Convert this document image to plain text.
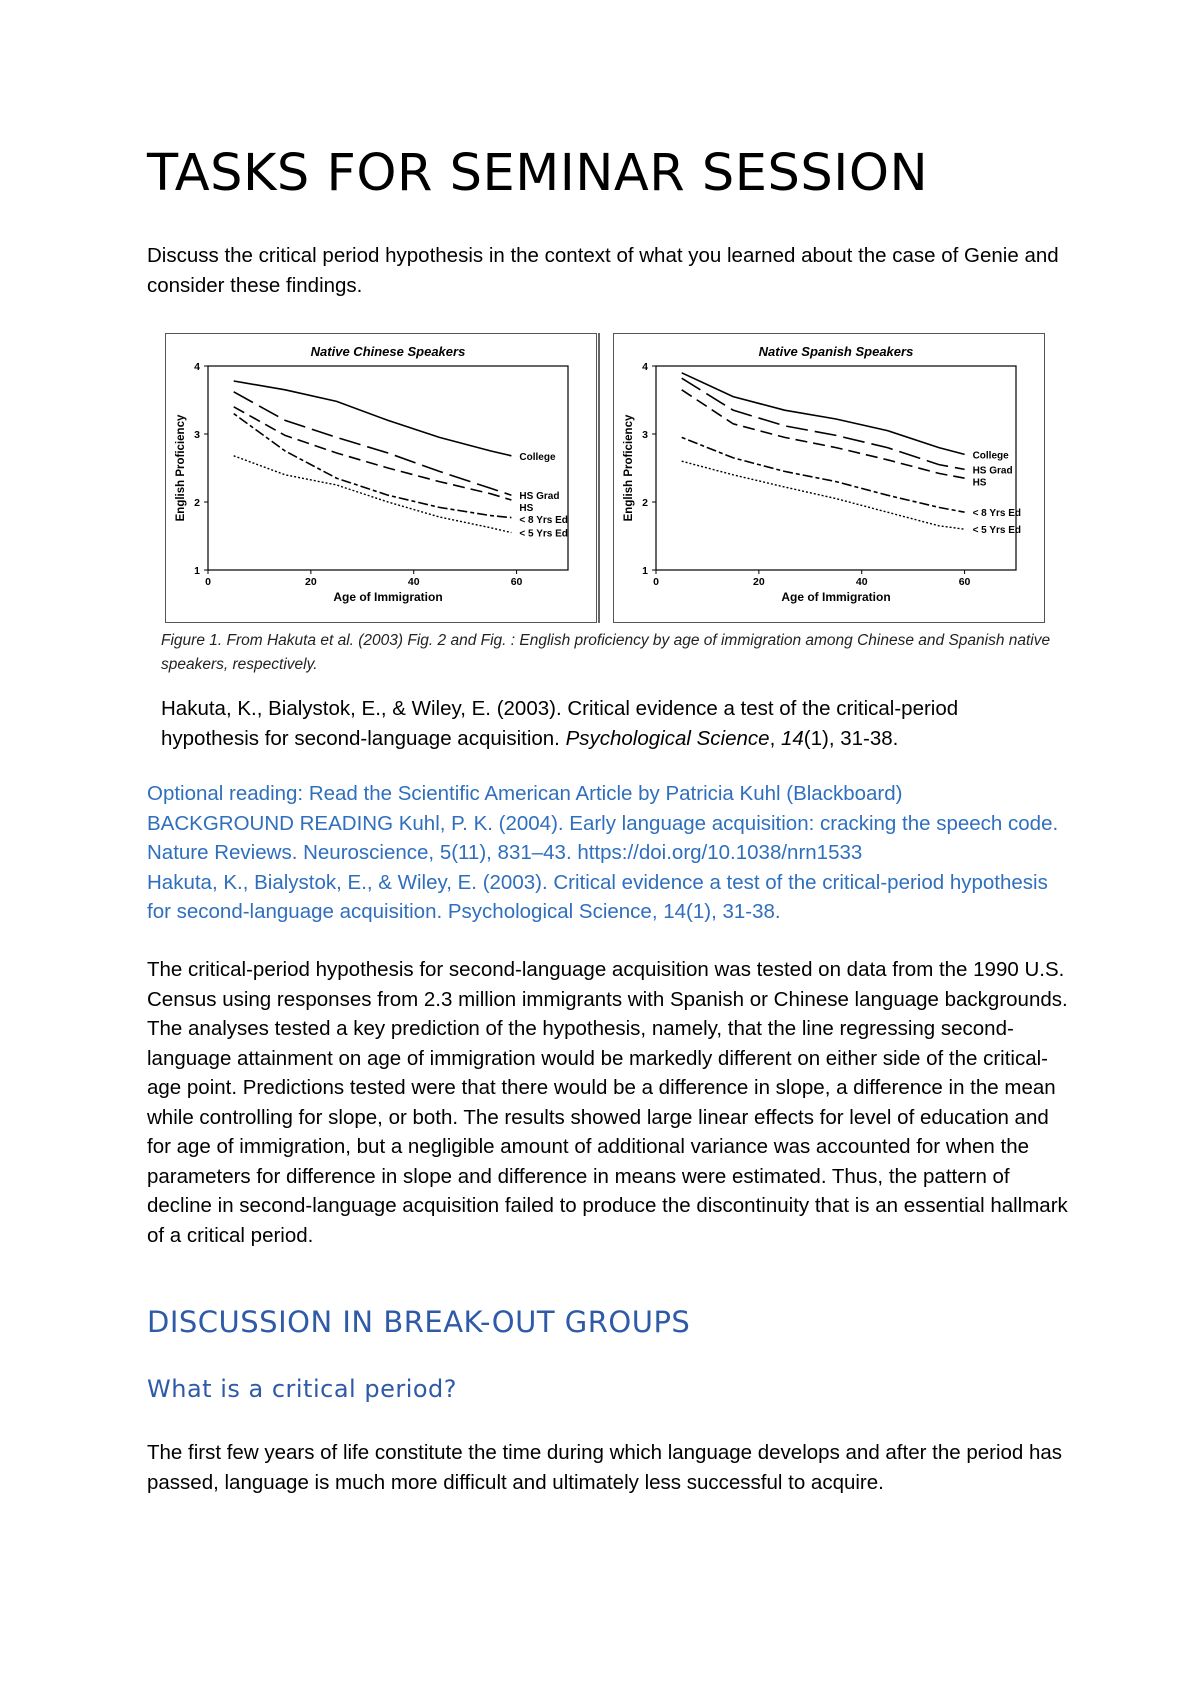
TASKS FOR SEMINAR SESSION

Discuss the critical period hypothesis in the context of what you learned about the case of Genie and consider these findings.

Native Chinese Speakers
0	20	40	60
1
2
3
4
Age of Immigration
English Proficiency	College
HS Grad
HS
< 8 Yrs Ed
< 5 Yrs Ed
Native Spanish Speakers
0	20	40	60
1
2
3
4
Age of Immigration
English Proficiency	College
HS Grad
HS
< 8 Yrs Ed
< 5 Yrs Ed

Figure 1. From Hakuta et al. (2003) Fig. 2 and Fig. : English proficiency by age of immigration among Chinese and Spanish native speakers, respectively.

Hakuta, K., Bialystok, E., & Wiley, E. (2003). Critical evidence a test of the critical-period hypothesis for second-language acquisition. Psychological Science, 14(1), 31-38.

Optional reading: Read the Scientific American Article by Patricia Kuhl (Blackboard)
BACKGROUND READING Kuhl, P. K. (2004). Early language acquisition: cracking the speech code. Nature Reviews. Neuroscience, 5(11), 831–43. https://doi.org/10.1038/nrn1533
Hakuta, K., Bialystok, E., & Wiley, E. (2003). Critical evidence a test of the critical-period hypothesis for second-language acquisition. Psychological Science, 14(1), 31-38.

The critical-period hypothesis for second-language acquisition was tested on data from the 1990 U.S. Census using responses from 2.3 million immigrants with Spanish or Chinese language backgrounds. The analyses tested a key prediction of the hypothesis, namely, that the line regressing second-language attainment on age of immigration would be markedly different on either side of the critical-age point. Predictions tested were that there would be a difference in slope, a difference in the mean while controlling for slope, or both. The results showed large linear effects for level of education and for age of immigration, but a negligible amount of additional variance was accounted for when the parameters for difference in slope and difference in means were estimated. Thus, the pattern of decline in second-language acquisition failed to produce the discontinuity that is an essential hallmark of a critical period.

DISCUSSION IN BREAK-OUT GROUPS
What is a critical period?

The first few years of life constitute the time during which language develops and after the period has passed, language is much more difficult and ultimately less successful to acquire.
